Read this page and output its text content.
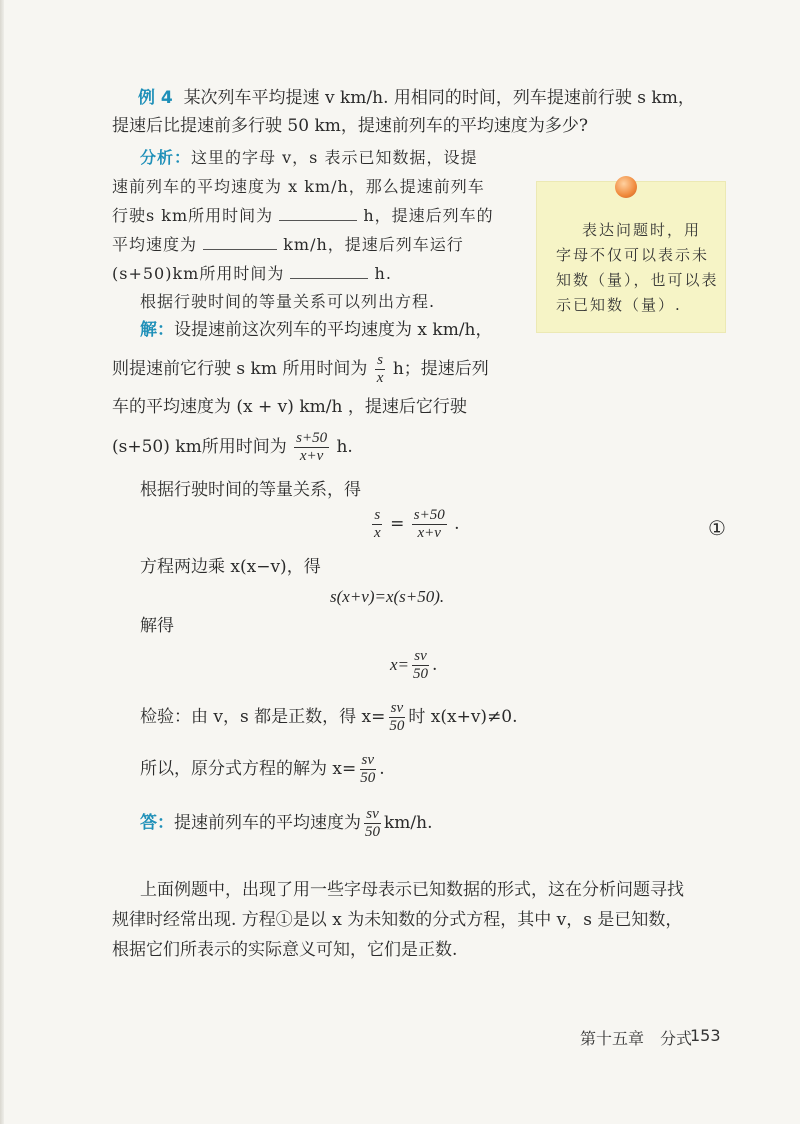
例 4 某次列车平均提速 v km/h. 用相同的时间，列车提速前行驶 s km，
提速后比提速前多行驶 50 km，提速前列车的平均速度为多少?
分析：这里的字母 v，s 表示已知数据，设提
速前列车的平均速度为 x km/h，那么提速前列车
行驶s km所用时间为	h，提速后列车的
平均速度为	km/h，提速后列车运行
(s+50)km所用时间为	h.
根据行驶时间的等量关系可以列出方程.
表达问题时，用
字母不仅可以表示未
知数（量），也可以表
示已知数（量）.
解：设提速前这次列车的平均速度为 x km/h，
则提速前它行驶 s km 所用时间为 $\frac{s}{x}$ h；提速后列
车的平均速度为 (x + v) km/h ，提速后它行驶
(s+50) km所用时间为 $\frac{s+50}{x+v} h$.
根据行驶时间的等量关系，得
$\frac{s}{x} = \frac{s+50}{x+v}$ .	①
方程两边乘 x(x−v)，得
s(x+v)=x(s+50).
解得
$x= \frac{sv}{50}$ .
检验：由 v，s 都是正数，得 $x= \frac{sv}{50}$ 时 x(x+v)≠0.
所以，原分式方程的解为 $x= \frac{sv}{50}$ .
答：提速前列车的平均速度为 $\frac{sv}{50} km/h$.
上面例题中，出现了用一些字母表示已知数据的形式，这在分析问题寻找
规律时经常出现. 方程①是以 x 为未知数的分式方程，其中 v，s 是已知数，
根据它们所表示的实际意义可知，它们是正数.
第十五章　分式
153
